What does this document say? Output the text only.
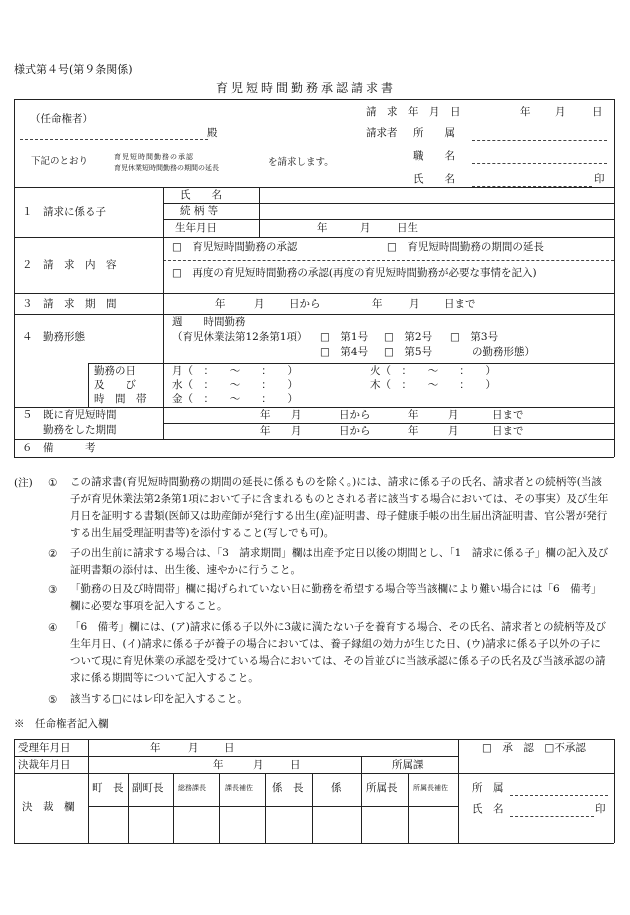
様式第４号(第９条関係)
育児短時間勤務承認請求書
（任命権者）
殿
下記のとおり	育児短時間勤務の承認
育児休業短時間勤務の期間の延長	を請求します。
請　求　年　月　日	年 月	日
請求者 所　　属
職　　名
氏　　名	印
１　請求に係る子
氏　　名
続 柄 等
生年月日	年	月	日生
２　請　求　内　容
□　育児短時間勤務の承認	□　育児短時間勤務の期間の延長
□　再度の育児短時間勤務の承認(再度の育児短時間勤務が必要な事情を記入)
３　請　求　期　間	年	月 日から	年	月 日まで
４　勤務形態
週　　時間勤務
（育児休業法第12条第1項） □　第1号 □　第2号 □　第3号
□　第4号 □　第5号	の勤務形態）
勤務の日
及　　び
時　間　帯
月（　：　　～　　：　　）	火（　：　　～　　：　　）
水（　：　　～　　：　　）	木（　：　　～　　：　　）
金（　：　　～　　：　　）
５　既に育児短時間
　　勤務をした期間
年 月	日から	年	月	日まで
年 月	日から	年	月	日まで
６　備　　　考
(注) ① この請求書(育児短時間勤務の期間の延長に係るものを除く。)には、請求に係る子の氏名、請求者との続柄等(当該子が育児休業法第2条第1項において子に含まれるものとされる者に該当する場合においては、その事実）及び生年月日を証明する書類(医師又は助産師が発行する出生(産)証明書、母子健康手帳の出生届出済証明書、官公署が発行する出生届受理証明書等)を添付すること(写しでも可)。
② 子の出生前に請求する場合は、「3　請求期間」欄は出産予定日以後の期間とし、「1　請求に係る子」欄の記入及び証明書類の添付は、出生後、速やかに行うこと。
③ 「勤務の日及び時間帯」欄に掲げられていない日に勤務を希望する場合等当該欄により難い場合には「6　備考」欄に必要な事項を記入すること。
④ 「6　備考」欄には、(ア)請求に係る子以外に3歳に満たない子を養育する場合、その氏名、請求者との続柄等及び生年月日、(イ)請求に係る子が養子の場合においては、養子縁組の効力が生じた日、(ウ)請求に係る子以外の子について現に育児休業の承認を受けている場合においては、その旨並びに当該承認に係る子の氏名及び当該承認の請求に係る期間等について記入すること。
⑤ 該当する□にはレ印を記入すること。
※　任命権者記入欄
受理年月日	年	月 日	□　承　認　□不承認
決裁年月日	年	月	日	所属課
決　裁　欄
町　長 副町長 総務課長	課長補佐 係　長	係 所属長 所属長補佐 所　属
氏　名	印
